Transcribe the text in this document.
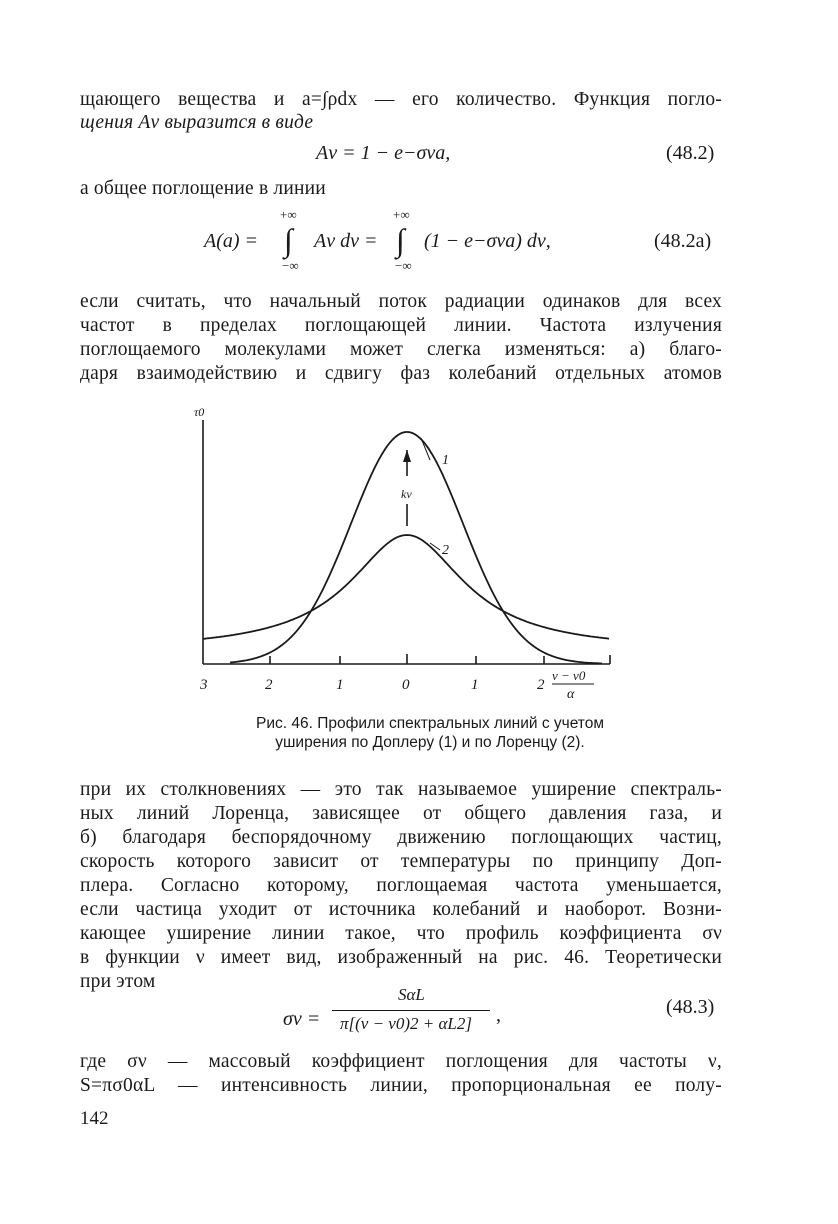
щающего вещества и a=∫ρdx — его количество. Функция погло-
щения Aν выразится в виде
Aν = 1 − e−σνa,	(48.2)
а общее поглощение в линии
A(a) =
+∞
∫
−∞
Aν dν =
+∞
∫
−∞
(1 − e−σνa) dν,	(48.2а)
если считать, что начальный поток радиации одинаков для всех
частот в пределах поглощающей линии. Частота излучения
поглощаемого молекулами может слегка изменяться: а) благо-
даря взаимодействию и сдвигу фаз колебаний отдельных атомов
τ0
1
2
kν
3	2	1	0	1	2
ν − ν0
α
Рис. 46. Профили спектральных линий с учетом
уширения по Доплеру (1) и по Лоренцу (2).
при их столкновениях — это так называемое уширение спектраль-
ных линий Лоренца, зависящее от общего давления газа, и
б) благодаря беспорядочному движению поглощающих частиц,
скорость которого зависит от температуры по принципу Доп-
плера. Согласно которому, поглощаемая частота уменьшается,
если частица уходит от источника колебаний и наоборот. Возни-
кающее уширение линии такое, что профиль коэффициента σν
в функции ν имеет вид, изображенный на рис. 46. Теоретически
при этом
σν =
SαL
π[(ν − ν0)2 + αL2] ,	(48.3)
где σν — массовый коэффициент поглощения для частоты ν,
S=πσ0αL — интенсивность линии, пропорциональная ее полу-
142
